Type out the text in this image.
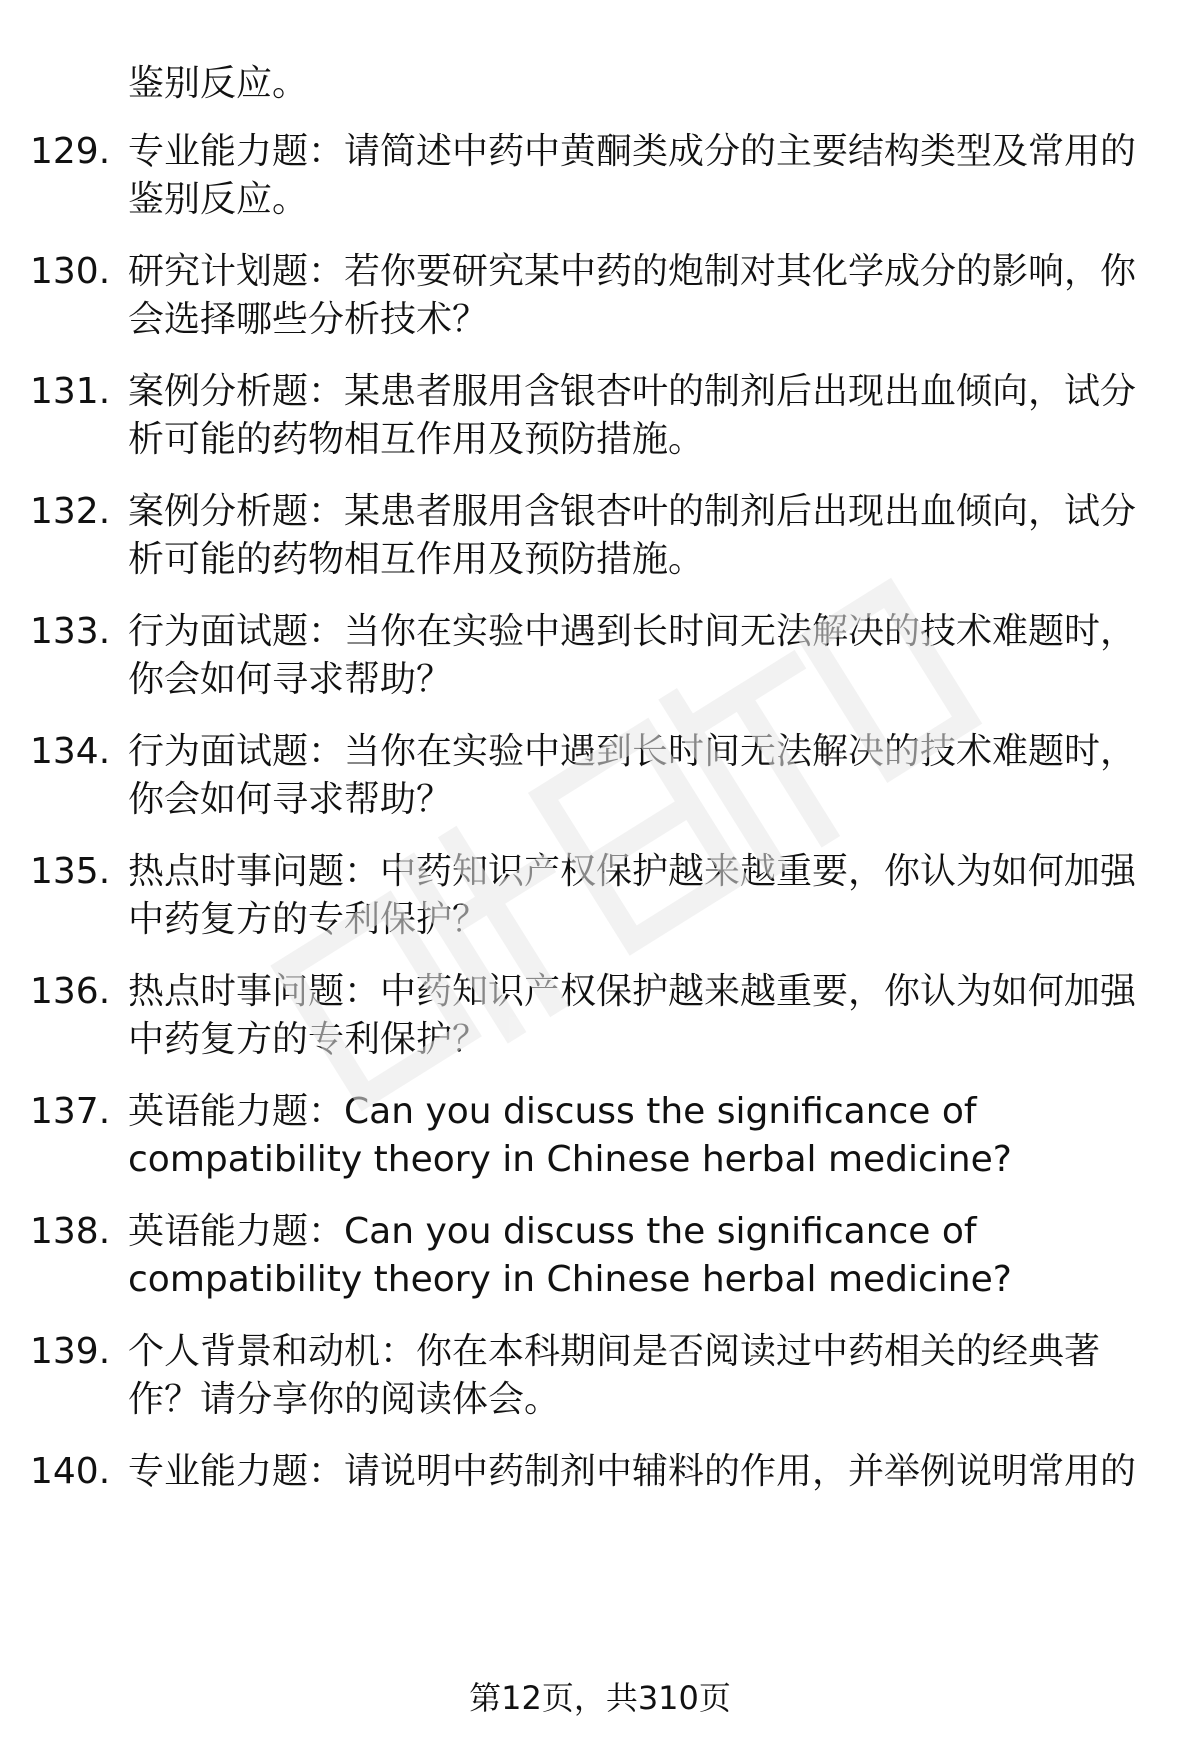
鉴别反应。

129. 专业能力题：请简述中药中黄酮类成分的主要结构类型及常用的
鉴别反应。

130. 研究计划题：若你要研究某中药的炮制对其化学成分的影响，你
会选择哪些分析技术？

131. 案例分析题：某患者服用含银杏叶的制剂后出现出血倾向，试分
析可能的药物相互作用及预防措施。

132. 案例分析题：某患者服用含银杏叶的制剂后出现出血倾向，试分
析可能的药物相互作用及预防措施。

133. 行为面试题：当你在实验中遇到长时间无法解决的技术难题时，
你会如何寻求帮助？

134. 行为面试题：当你在实验中遇到长时间无法解决的技术难题时，
你会如何寻求帮助？

135. 热点时事问题：中药知识产权保护越来越重要，你认为如何加强
中药复方的专利保护？

136. 热点时事问题：中药知识产权保护越来越重要，你认为如何加强
中药复方的专利保护？

137. 英语能力题：Can you discuss the significance of
compatibility theory in Chinese herbal medicine?

138. 英语能力题：Can you discuss the significance of
compatibility theory in Chinese herbal medicine?

139. 个人背景和动机：你在本科期间是否阅读过中药相关的经典著
作？请分享你的阅读体会。

140. 专业能力题：请说明中药制剂中辅料的作用，并举例说明常用的

第12页，共310页
